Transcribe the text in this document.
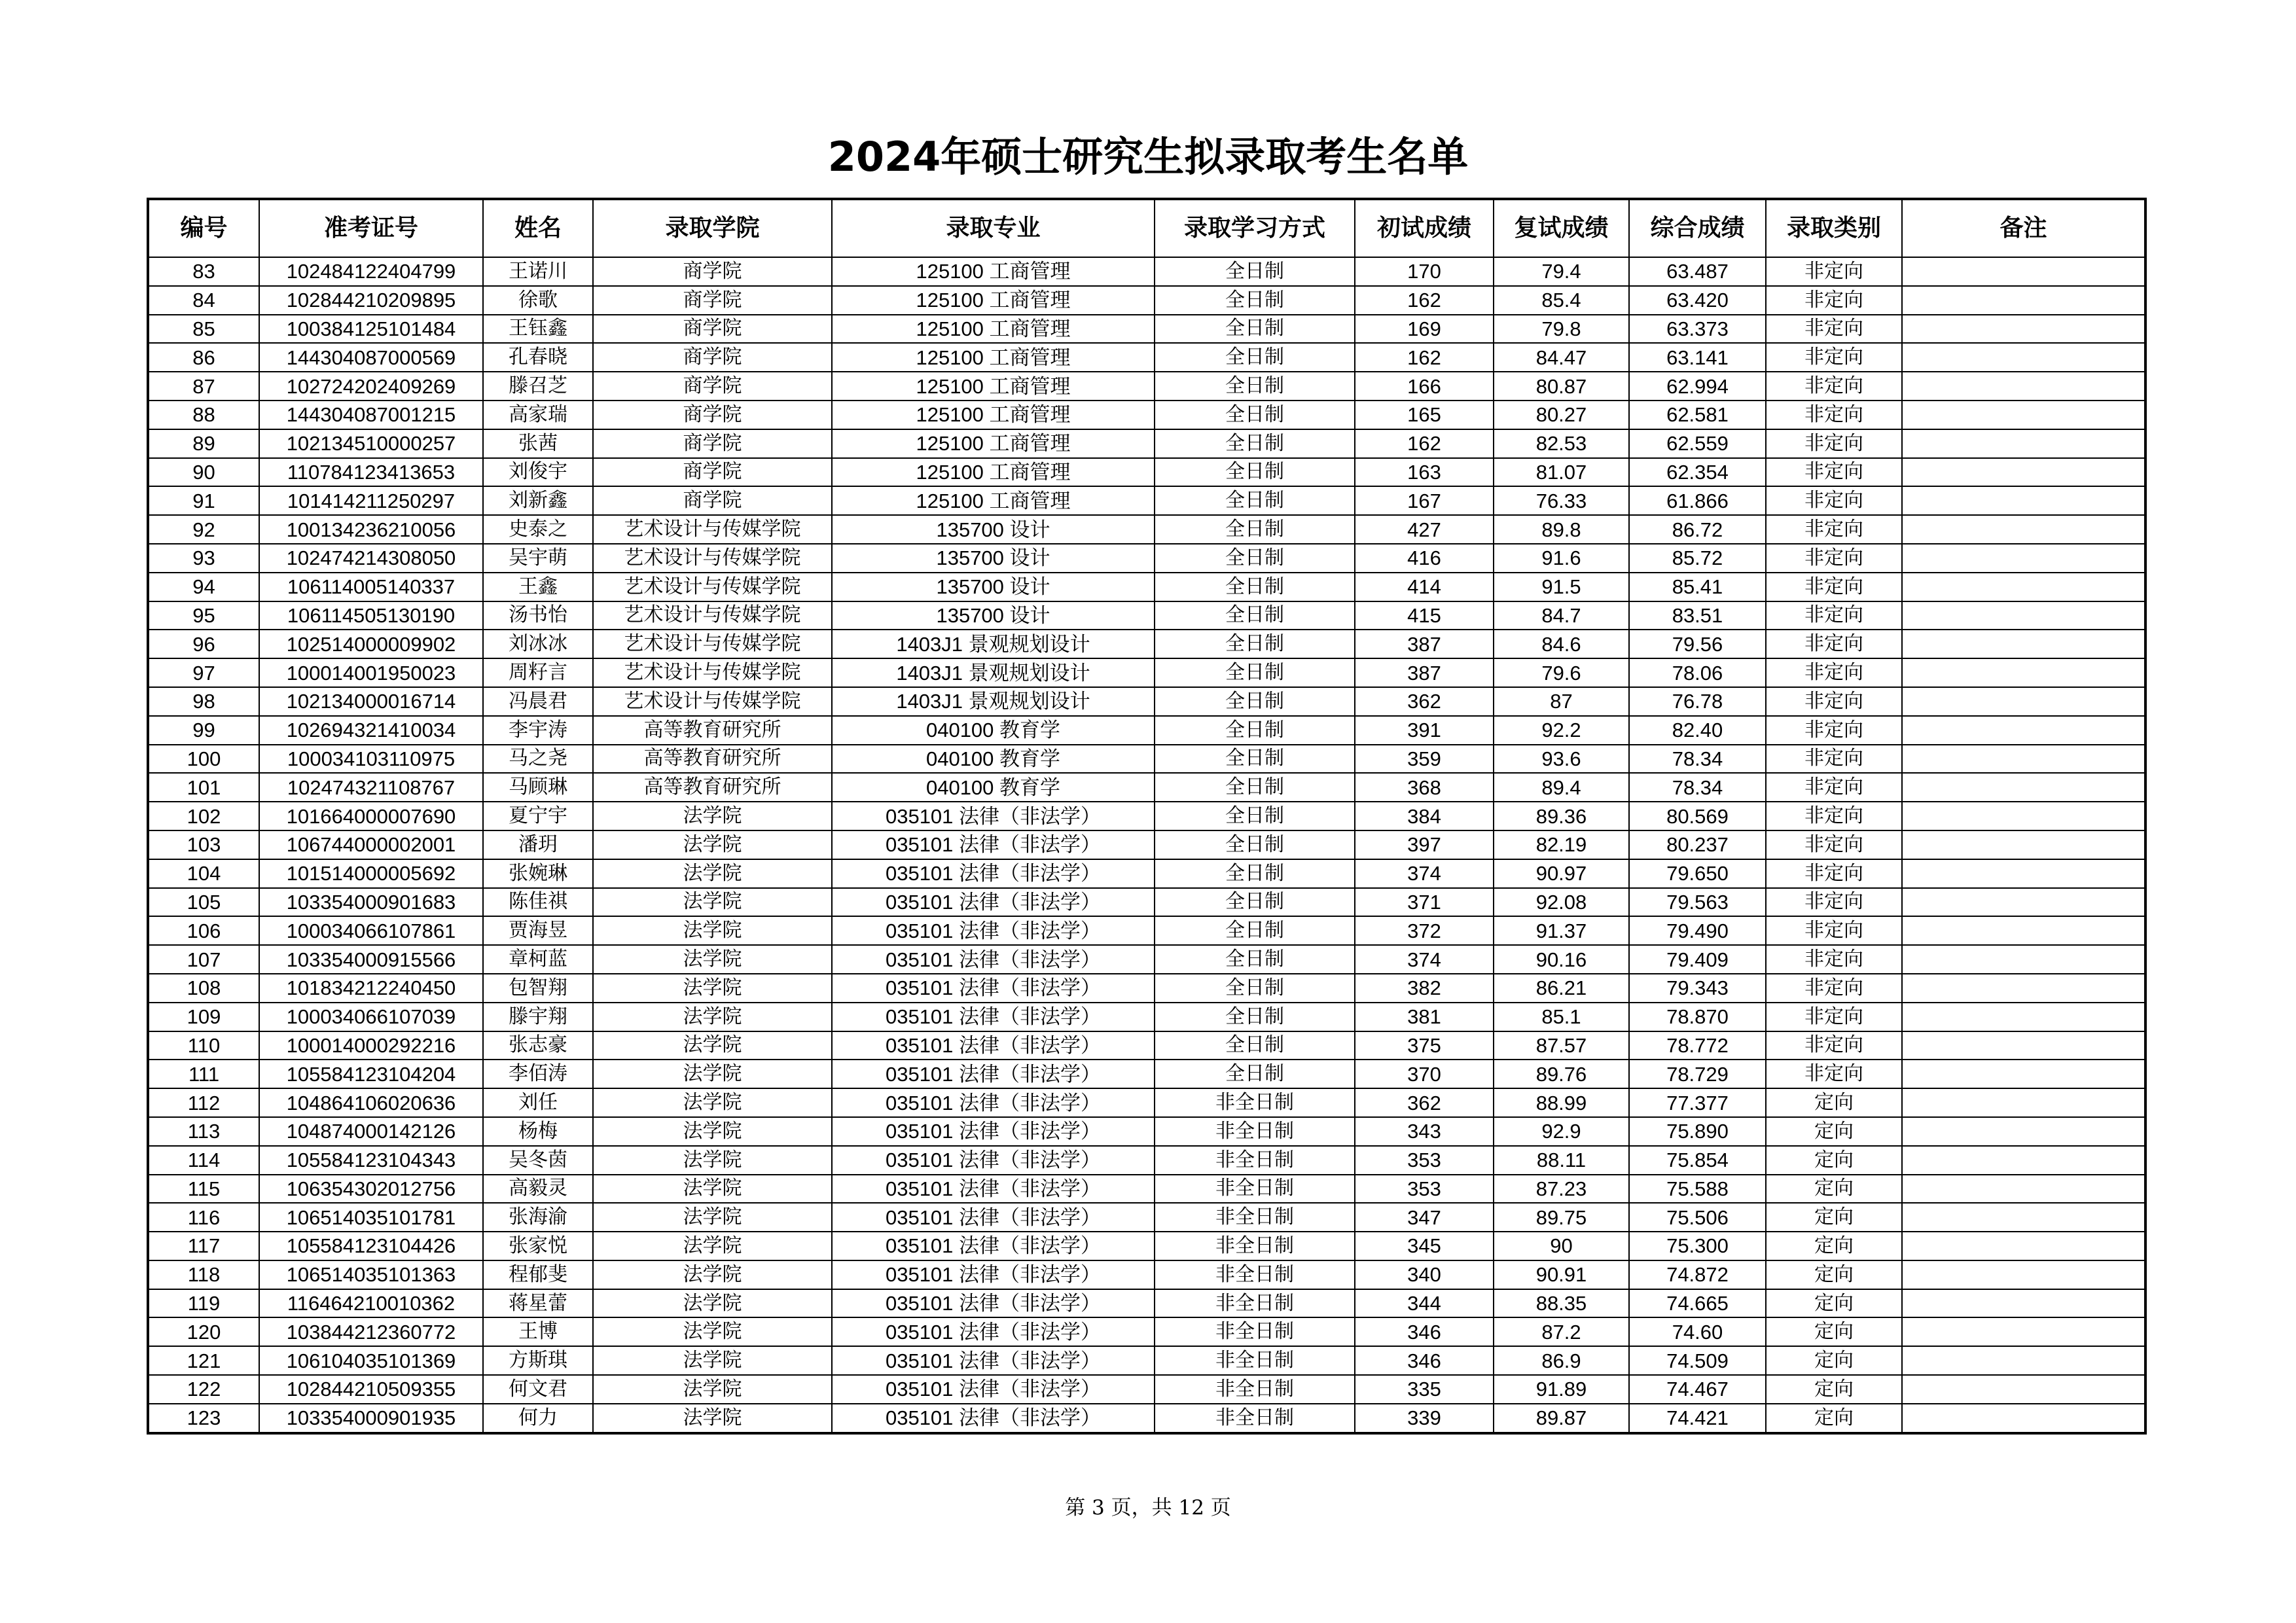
2024年硕士研究生拟录取考生名单
编号	准考证号	姓名	录取学院	录取专业	录取学习方式	初试成绩	复试成绩	综合成绩	录取类别	备注
83	102484122404799	王诺川	商学院	125100 工商管理	全日制	170	79.4	63.487	非定向	
84	102844210209895	徐歌	商学院	125100 工商管理	全日制	162	85.4	63.420	非定向	
85	100384125101484	王钰鑫	商学院	125100 工商管理	全日制	169	79.8	63.373	非定向	
86	144304087000569	孔春晓	商学院	125100 工商管理	全日制	162	84.47	63.141	非定向	
87	102724202409269	滕召芝	商学院	125100 工商管理	全日制	166	80.87	62.994	非定向	
88	144304087001215	高家瑞	商学院	125100 工商管理	全日制	165	80.27	62.581	非定向	
89	102134510000257	张茜	商学院	125100 工商管理	全日制	162	82.53	62.559	非定向	
90	110784123413653	刘俊宇	商学院	125100 工商管理	全日制	163	81.07	62.354	非定向	
91	101414211250297	刘新鑫	商学院	125100 工商管理	全日制	167	76.33	61.866	非定向	
92	100134236210056	史泰之	艺术设计与传媒学院	135700 设计	全日制	427	89.8	86.72	非定向	
93	102474214308050	吴宇萌	艺术设计与传媒学院	135700 设计	全日制	416	91.6	85.72	非定向	
94	106114005140337	王鑫	艺术设计与传媒学院	135700 设计	全日制	414	91.5	85.41	非定向	
95	106114505130190	汤书怡	艺术设计与传媒学院	135700 设计	全日制	415	84.7	83.51	非定向	
96	102514000009902	刘冰冰	艺术设计与传媒学院	1403J1 景观规划设计	全日制	387	84.6	79.56	非定向	
97	100014001950023	周籽言	艺术设计与传媒学院	1403J1 景观规划设计	全日制	387	79.6	78.06	非定向	
98	102134000016714	冯晨君	艺术设计与传媒学院	1403J1 景观规划设计	全日制	362	87	76.78	非定向	
99	102694321410034	李宇涛	高等教育研究所	040100 教育学	全日制	391	92.2	82.40	非定向	
100	100034103110975	马之尧	高等教育研究所	040100 教育学	全日制	359	93.6	78.34	非定向	
101	102474321108767	马顾琳	高等教育研究所	040100 教育学	全日制	368	89.4	78.34	非定向	
102	101664000007690	夏宁宇	法学院	035101 法律（非法学）	全日制	384	89.36	80.569	非定向	
103	106744000002001	潘玥	法学院	035101 法律（非法学）	全日制	397	82.19	80.237	非定向	
104	101514000005692	张婉琳	法学院	035101 法律（非法学）	全日制	374	90.97	79.650	非定向	
105	103354000901683	陈佳祺	法学院	035101 法律（非法学）	全日制	371	92.08	79.563	非定向	
106	100034066107861	贾海昱	法学院	035101 法律（非法学）	全日制	372	91.37	79.490	非定向	
107	103354000915566	章柯蓝	法学院	035101 法律（非法学）	全日制	374	90.16	79.409	非定向	
108	101834212240450	包智翔	法学院	035101 法律（非法学）	全日制	382	86.21	79.343	非定向	
109	100034066107039	滕宇翔	法学院	035101 法律（非法学）	全日制	381	85.1	78.870	非定向	
110	100014000292216	张志豪	法学院	035101 法律（非法学）	全日制	375	87.57	78.772	非定向	
111	105584123104204	李佰涛	法学院	035101 法律（非法学）	全日制	370	89.76	78.729	非定向	
112	104864106020636	刘任	法学院	035101 法律（非法学）	非全日制	362	88.99	77.377	定向	
113	104874000142126	杨梅	法学院	035101 法律（非法学）	非全日制	343	92.9	75.890	定向	
114	105584123104343	吴冬茵	法学院	035101 法律（非法学）	非全日制	353	88.11	75.854	定向	
115	106354302012756	高毅灵	法学院	035101 法律（非法学）	非全日制	353	87.23	75.588	定向	
116	106514035101781	张海渝	法学院	035101 法律（非法学）	非全日制	347	89.75	75.506	定向	
117	105584123104426	张家悦	法学院	035101 法律（非法学）	非全日制	345	90	75.300	定向	
118	106514035101363	程郁斐	法学院	035101 法律（非法学）	非全日制	340	90.91	74.872	定向	
119	116464210010362	蒋星蕾	法学院	035101 法律（非法学）	非全日制	344	88.35	74.665	定向	
120	103844212360772	王博	法学院	035101 法律（非法学）	非全日制	346	87.2	74.60	定向	
121	106104035101369	方斯琪	法学院	035101 法律（非法学）	非全日制	346	86.9	74.509	定向	
122	102844210509355	何文君	法学院	035101 法律（非法学）	非全日制	335	91.89	74.467	定向	
123	103354000901935	何力	法学院	035101 法律（非法学）	非全日制	339	89.87	74.421	定向	
第 3 页，共 12 页
